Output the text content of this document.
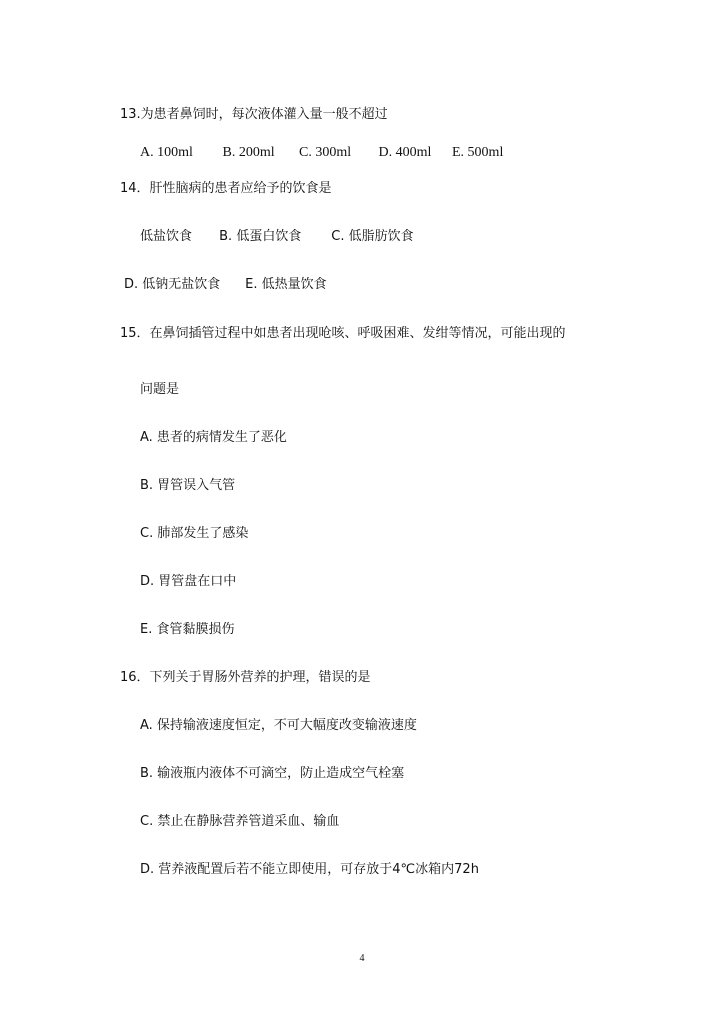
13.为患者鼻饲时，每次液体灌入量一般不超过
A. 100ml B. 200ml C. 300ml D. 400ml E. 500ml
14．肝性脑病的患者应给予的饮食是
低盐饮食 B. 低蛋白饮食 C. 低脂肪饮食
D. 低钠无盐饮食 E. 低热量饮食
15．在鼻饲插管过程中如患者出现呛咳、呼吸困难、发绀等情况，可能出现的
问题是
A. 患者的病情发生了恶化
B. 胃管误入气管
C. 肺部发生了感染
D. 胃管盘在口中
E. 食管黏膜损伤
16．下列关于胃肠外营养的护理，错误的是
A. 保持输液速度恒定，不可大幅度改变输液速度
B. 输液瓶内液体不可滴空，防止造成空气栓塞
C. 禁止在静脉营养管道采血、输血
D. 营养液配置后若不能立即使用，可存放于4℃冰箱内72h
4
